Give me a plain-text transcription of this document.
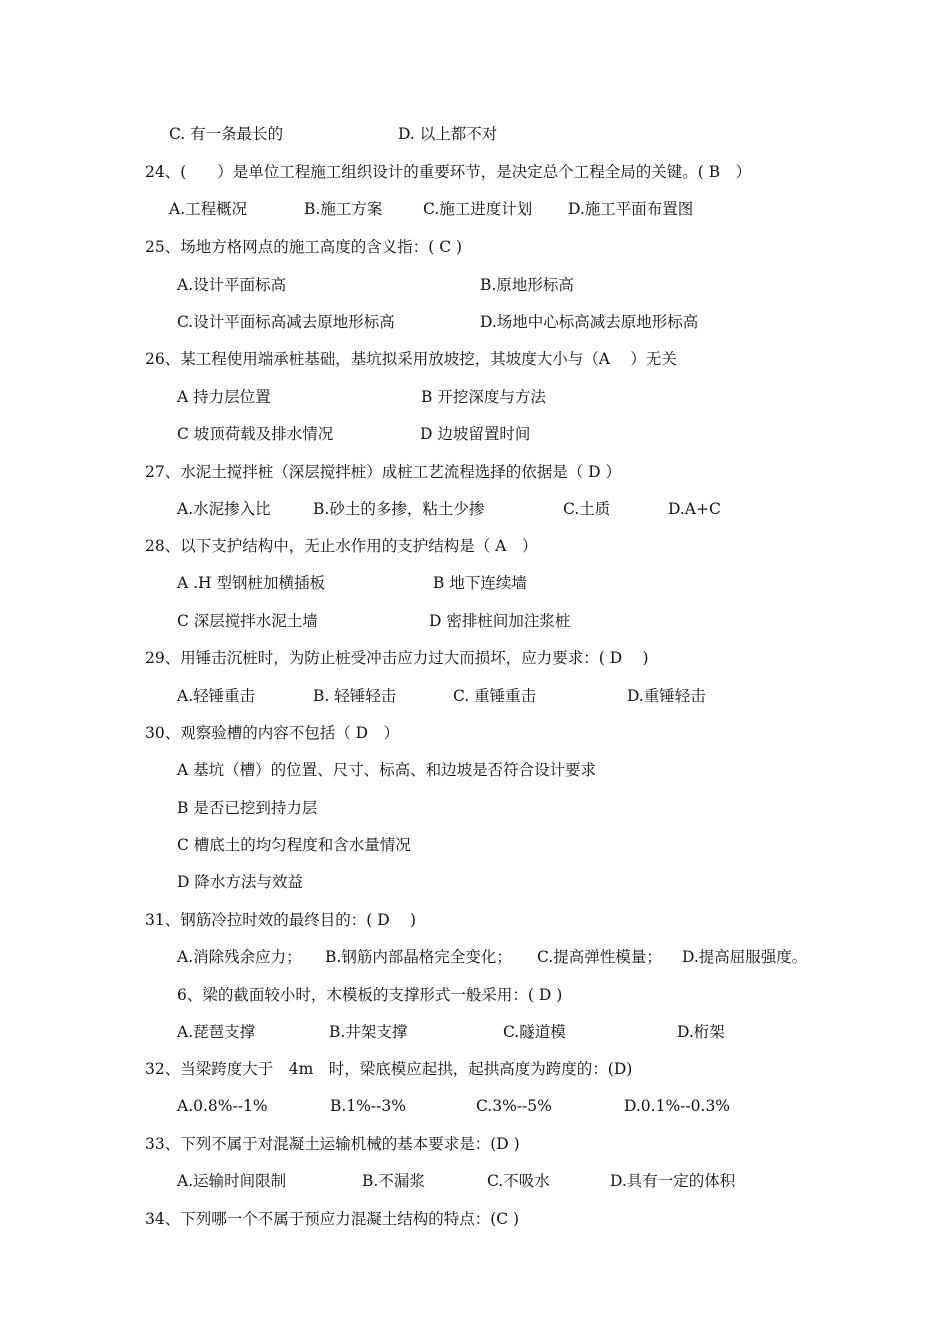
C. 有一条最长的	D. 以上都不对
24、(　　）是单位工程施工组织设计的重要环节，是决定总个工程全局的关键。( B　）
A.工程概况	B.施工方案	C.施工进度计划 D.施工平面布置图
25、场地方格网点的施工高度的含义指：( C )
A.设计平面标高	B.原地形标高
C.设计平面标高减去原地形标高	D.场地中心标高减去原地形标高
26、某工程使用端承桩基础，基坑拟采用放坡挖，其坡度大小与（A　 ）无关
A 持力层位置	B 开挖深度与方法
C 坡顶荷载及排水情况	D 边坡留置时间
27、水泥土搅拌桩（深层搅拌桩）成桩工艺流程选择的依据是（ D ）
A.水泥掺入比	B.砂土的多掺，粘土少掺	C.土质	D.A+C
28、以下支护结构中，无止水作用的支护结构是（ A　）
A .H 型钢桩加横插板	B 地下连续墙
C 深层搅拌水泥土墙	D 密排桩间加注浆桩
29、用锤击沉桩时，为防止桩受冲击应力过大而损坏，应力要求：( D　 )
A.轻锤重击	B. 轻锤轻击	C. 重锤重击	D.重锤轻击
30、观察验槽的内容不包括（ D　）
A 基坑（槽）的位置、尺寸、标高、和边坡是否符合设计要求
B 是否已挖到持力层
C 槽底土的均匀程度和含水量情况
D 降水方法与效益
31、钢筋冷拉时效的最终目的：( D　 )
A.消除残余应力； B.钢筋内部晶格完全变化； C.提高弹性模量； D.提高屈服强度。
6、梁的截面较小时，木模板的支撑形式一般采用：( D )
A.琵琶支撑	B.井架支撑	C.隧道模	D.桁架
32、当梁跨度大于　4m　时，梁底模应起拱，起拱高度为跨度的：(D)
A.0.8%--1%	B.1%--3%	C.3%--5%	D.0.1%--0.3%
33、下列不属于对混凝土运输机械的基本要求是：(D )
A.运输时间限制	B.不漏浆	C.不吸水	D.具有一定的体积
34、下列哪一个不属于预应力混凝土结构的特点：(C )
